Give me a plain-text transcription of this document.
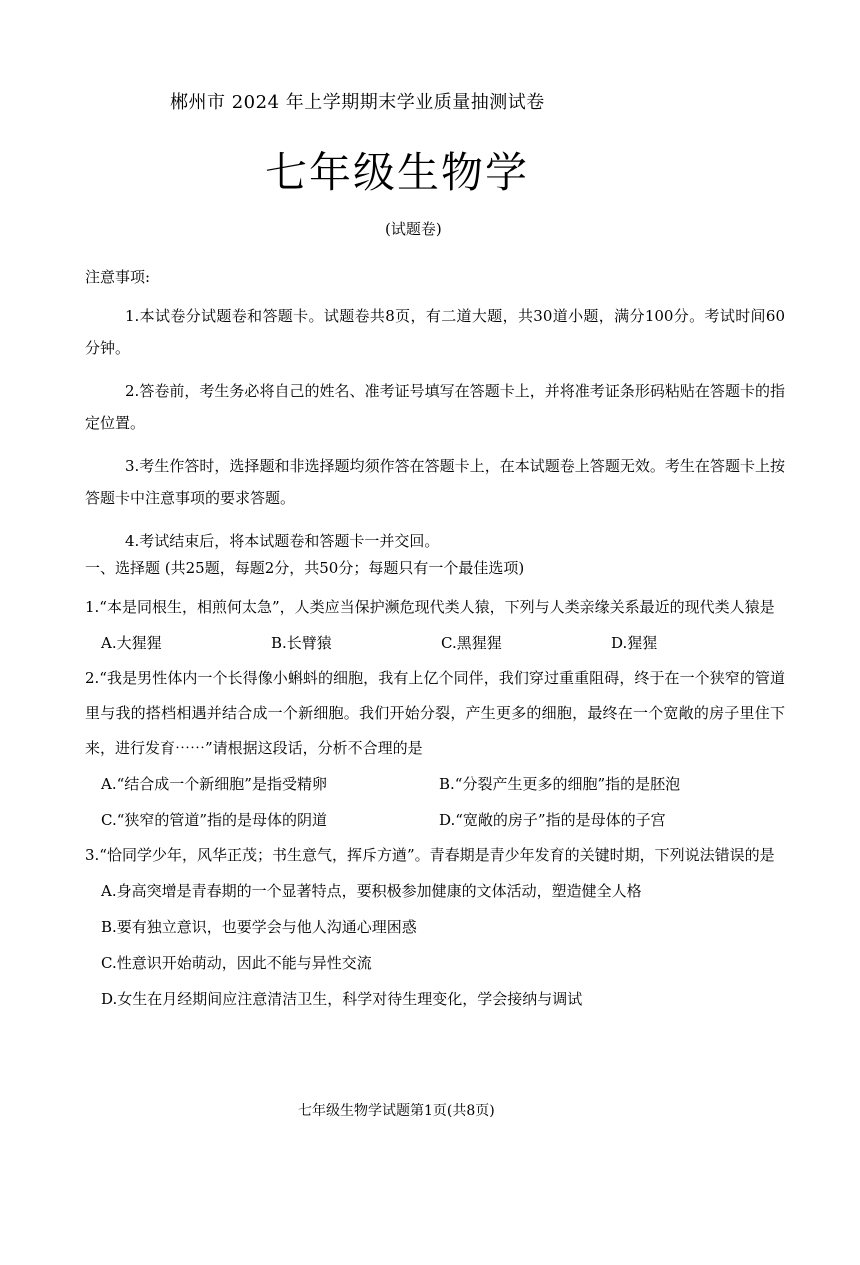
郴州市 2024 年上学期期末学业质量抽测试卷
七年级生物学
(试题卷)

注意事项:

1.本试卷分试题卷和答题卡。试题卷共8页，有二道大题，共30道小题，满分100分。考试时间60分钟。

2.答卷前，考生务必将自己的姓名、准考证号填写在答题卡上，并将准考证条形码粘贴在答题卡的指定位置。

3.考生作答时，选择题和非选择题均须作答在答题卡上，在本试题卷上答题无效。考生在答题卡上按答题卡中注意事项的要求答题。

4.考试结束后，将本试题卷和答题卡一并交回。

一、选择题 (共25题，每题2分，共50分；每题只有一个最佳选项)

1.“本是同根生，相煎何太急”，人类应当保护濒危现代类人猿，下列与人类亲缘关系最近的现代类人猿是

A.大猩猩	B.长臂猿	C.黑猩猩	D.猩猩

2.“我是男性体内一个长得像小蝌蚪的细胞，我有上亿个同伴，我们穿过重重阻碍，终于在一个狭窄的管道里与我的搭档相遇并结合成一个新细胞。我们开始分裂，产生更多的细胞，最终在一个宽敞的房子里住下来，进行发育⋯⋯”请根据这段话，分析不合理的是

A.“结合成一个新细胞”是指受精卵	B.“分裂产生更多的细胞”指的是胚泡
C.“狭窄的管道”指的是母体的阴道	D.“宽敞的房子”指的是母体的子宫

3.“恰同学少年，风华正茂；书生意气，挥斥方遒”。青春期是青少年发育的关键时期，下列说法错误的是

A.身高突增是青春期的一个显著特点，要积极参加健康的文体活动，塑造健全人格

B.要有独立意识，也要学会与他人沟通心理困惑

C.性意识开始萌动，因此不能与异性交流

D.女生在月经期间应注意清洁卫生，科学对待生理变化，学会接纳与调试

七年级生物学试题第1页(共8页)
